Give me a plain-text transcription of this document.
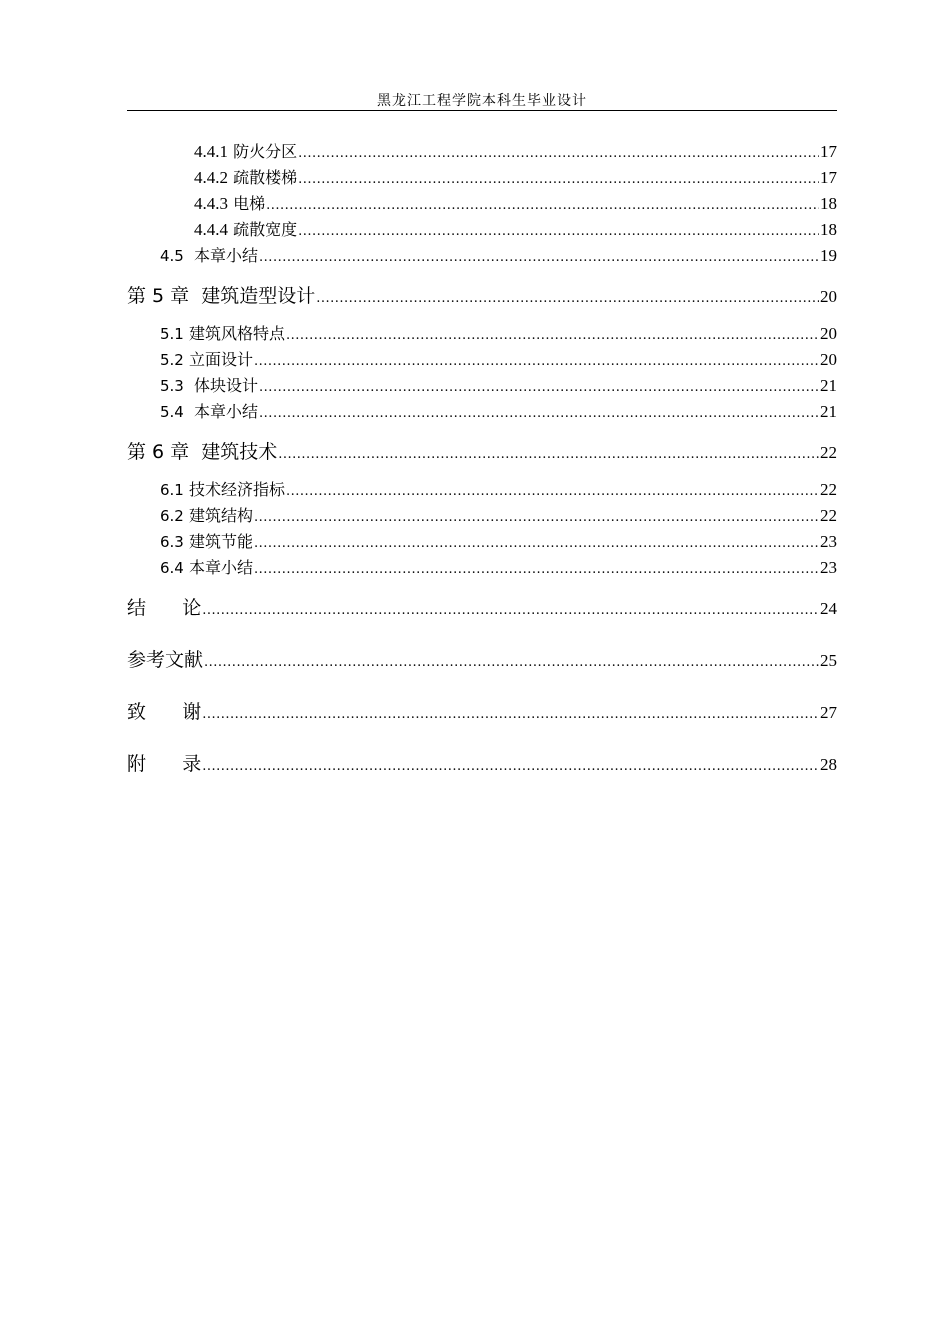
黑龙江工程学院本科生毕业设计
4.4.1 防火分区 .....	17
4.4.2 疏散楼梯 .....	17
4.4.3 电梯 .....	18
4.4.4 疏散宽度 .....	18
4.5 本章小结 .....	19
第 5 章  建筑造型设计 .....	20
5.1 建筑风格特点 .....	20
5.2 立面设计 .....	20
5.3 体块设计 .....	21
5.4 本章小结 .....	21
第 6 章  建筑技术 .....	22
6.1 技术经济指标 .....	22
6.2 建筑结构 .....	22
6.3 建筑节能 .....	23
6.4 本章小结 .....	23
结      论 .....	24
参考文献 .....	25
致      谢 .....	27
附      录 .....	28
